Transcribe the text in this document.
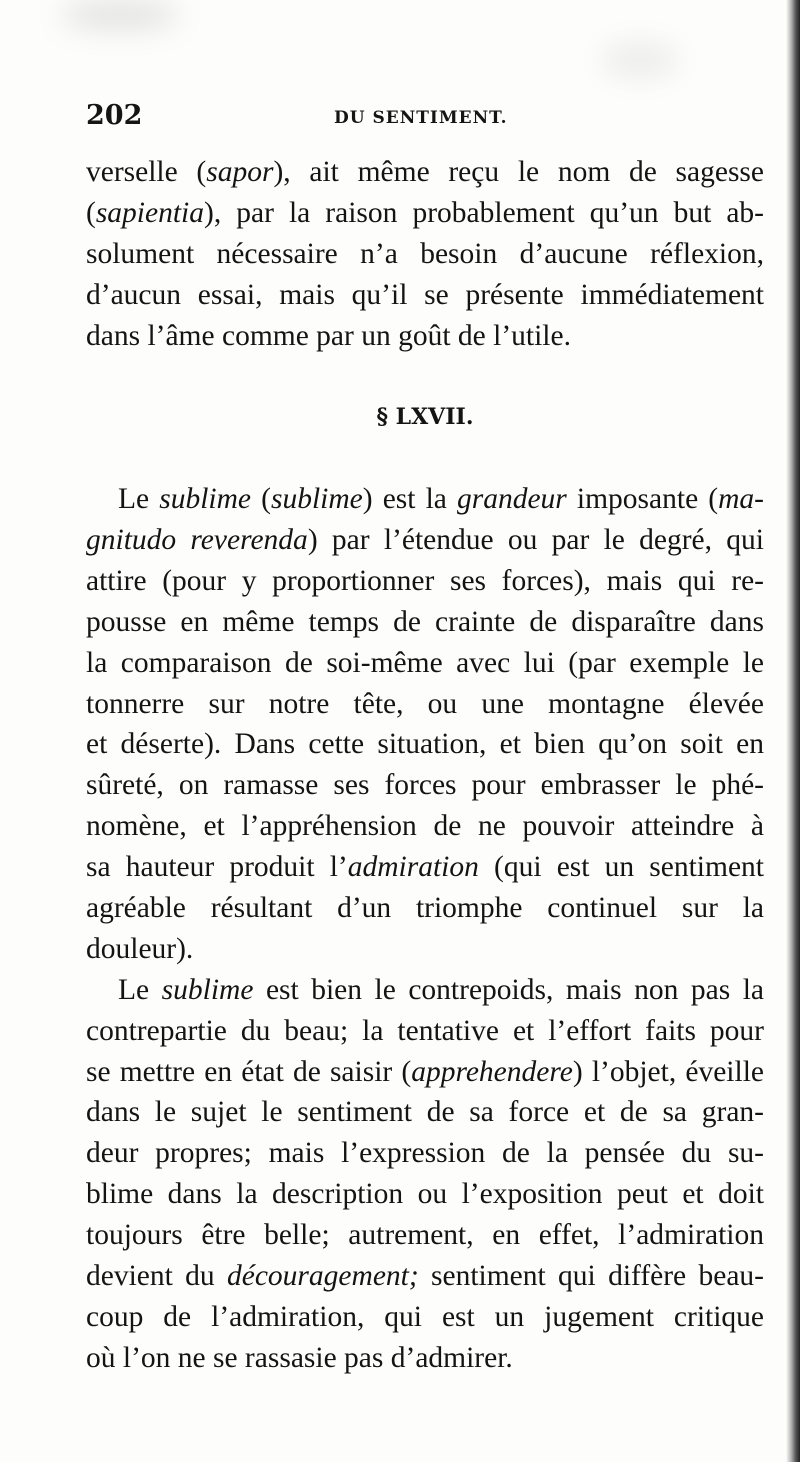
202	DU SENTIMENT.
verselle (sapor), ait même reçu le nom de sagesse
(sapientia), par la raison probablement qu’un but ab-
solument nécessaire n’a besoin d’aucune réflexion,
d’aucun essai, mais qu’il se présente immédiatement
dans l’âme comme par un goût de l’utile.
§ LXVII.
Le sublime (sublime) est la grandeur imposante (ma-
gnitudo reverenda) par l’étendue ou par le degré, qui
attire (pour y proportionner ses forces), mais qui re-
pousse en même temps de crainte de disparaître dans
la comparaison de soi-même avec lui (par exemple le
tonnerre sur notre tête, ou une montagne élevée
et déserte). Dans cette situation, et bien qu’on soit en
sûreté, on ramasse ses forces pour embrasser le phé-
nomène, et l’appréhension de ne pouvoir atteindre à
sa hauteur produit l’admiration (qui est un sentiment
agréable résultant d’un triomphe continuel sur la
douleur).
Le sublime est bien le contrepoids, mais non pas la
contrepartie du beau; la tentative et l’effort faits pour
se mettre en état de saisir (apprehendere) l’objet, éveille
dans le sujet le sentiment de sa force et de sa gran-
deur propres; mais l’expression de la pensée du su-
blime dans la description ou l’exposition peut et doit
toujours être belle; autrement, en effet, l’admiration
devient du découragement; sentiment qui diffère beau-
coup de l’admiration, qui est un jugement critique
où l’on ne se rassasie pas d’admirer.
